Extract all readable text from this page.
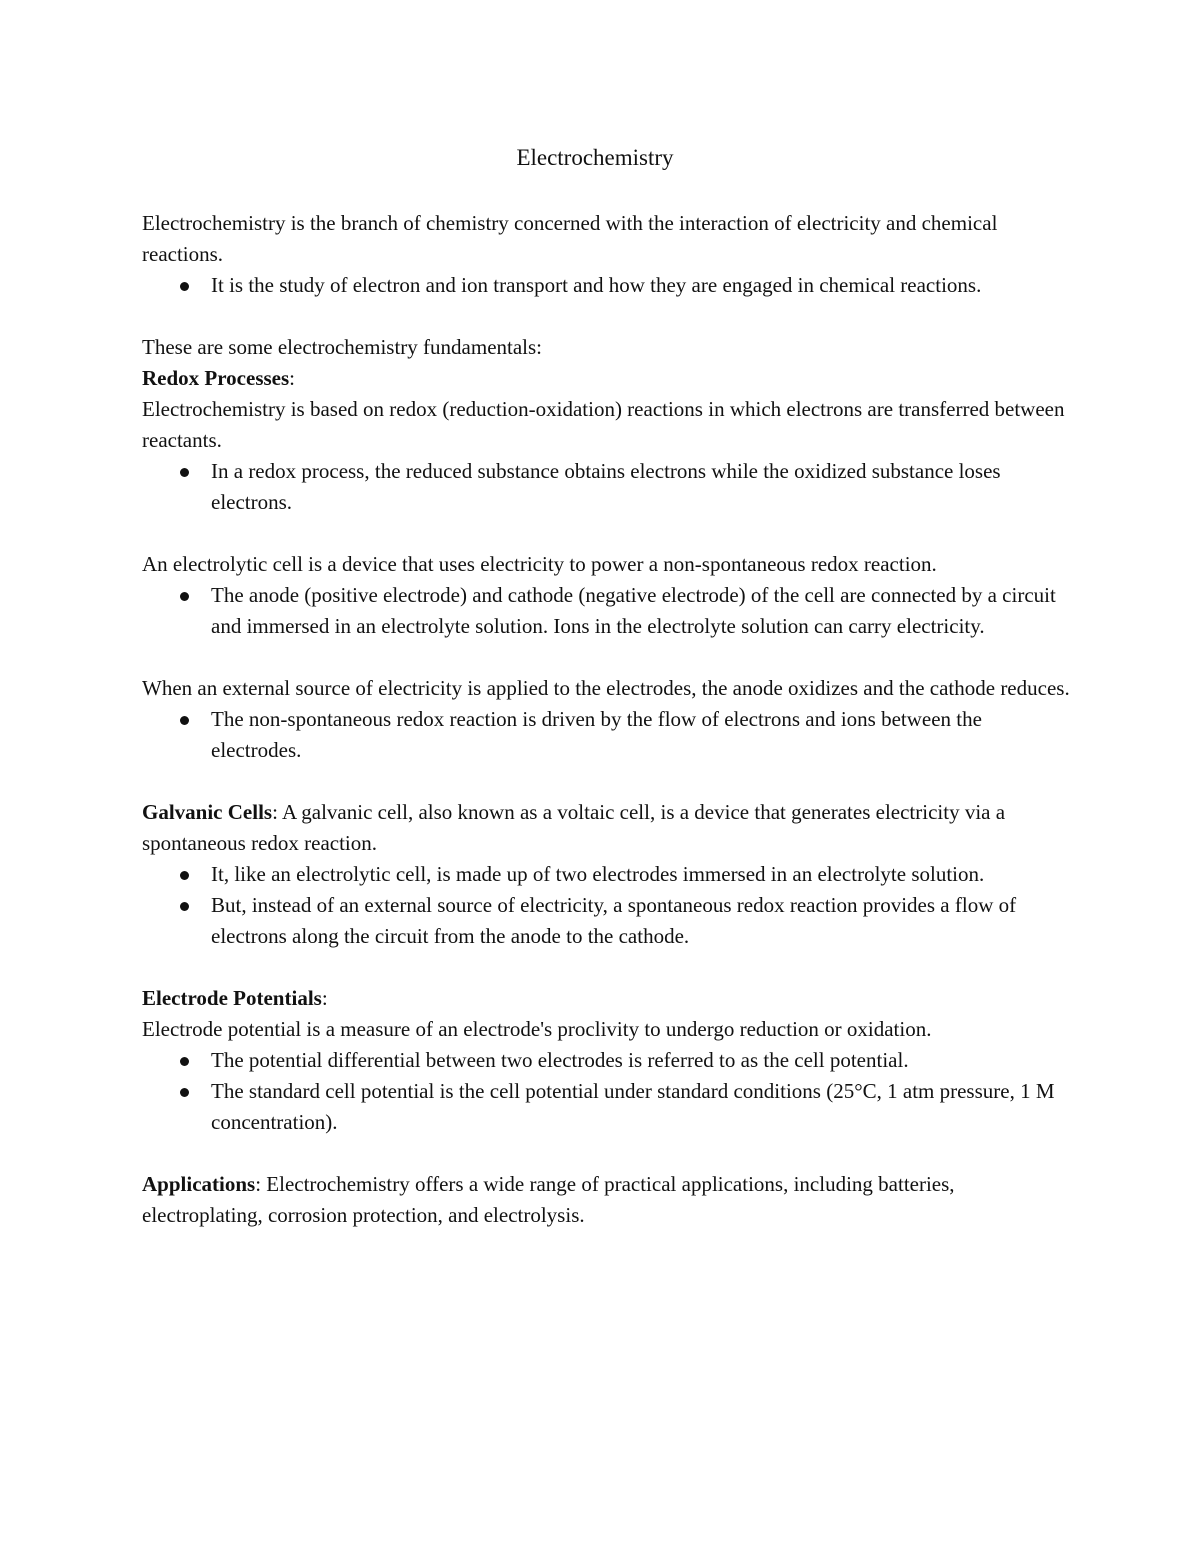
Electrochemistry

Electrochemistry is the branch of chemistry concerned with the interaction of electricity and chemical reactions.

It is the study of electron and ion transport and how they are engaged in chemical reactions.

These are some electrochemistry fundamentals:

Redox Processes:

Electrochemistry is based on redox (reduction-oxidation) reactions in which electrons are transferred between reactants.

In a redox process, the reduced substance obtains electrons while the oxidized substance loses electrons.

An electrolytic cell is a device that uses electricity to power a non-spontaneous redox reaction.

The anode (positive electrode) and cathode (negative electrode) of the cell are connected by a circuit and immersed in an electrolyte solution. Ions in the electrolyte solution can carry electricity.

When an external source of electricity is applied to the electrodes, the anode oxidizes and the cathode reduces.

The non-spontaneous redox reaction is driven by the flow of electrons and ions between the electrodes.

Galvanic Cells: A galvanic cell, also known as a voltaic cell, is a device that generates electricity via a spontaneous redox reaction.

It, like an electrolytic cell, is made up of two electrodes immersed in an electrolyte solution.
But, instead of an external source of electricity, a spontaneous redox reaction provides a flow of electrons along the circuit from the anode to the cathode.

Electrode Potentials:

Electrode potential is a measure of an electrode's proclivity to undergo reduction or oxidation.

The potential differential between two electrodes is referred to as the cell potential.
The standard cell potential is the cell potential under standard conditions (25°C, 1 atm pressure, 1 M concentration).

Applications: Electrochemistry offers a wide range of practical applications, including batteries, electroplating, corrosion protection, and electrolysis.
